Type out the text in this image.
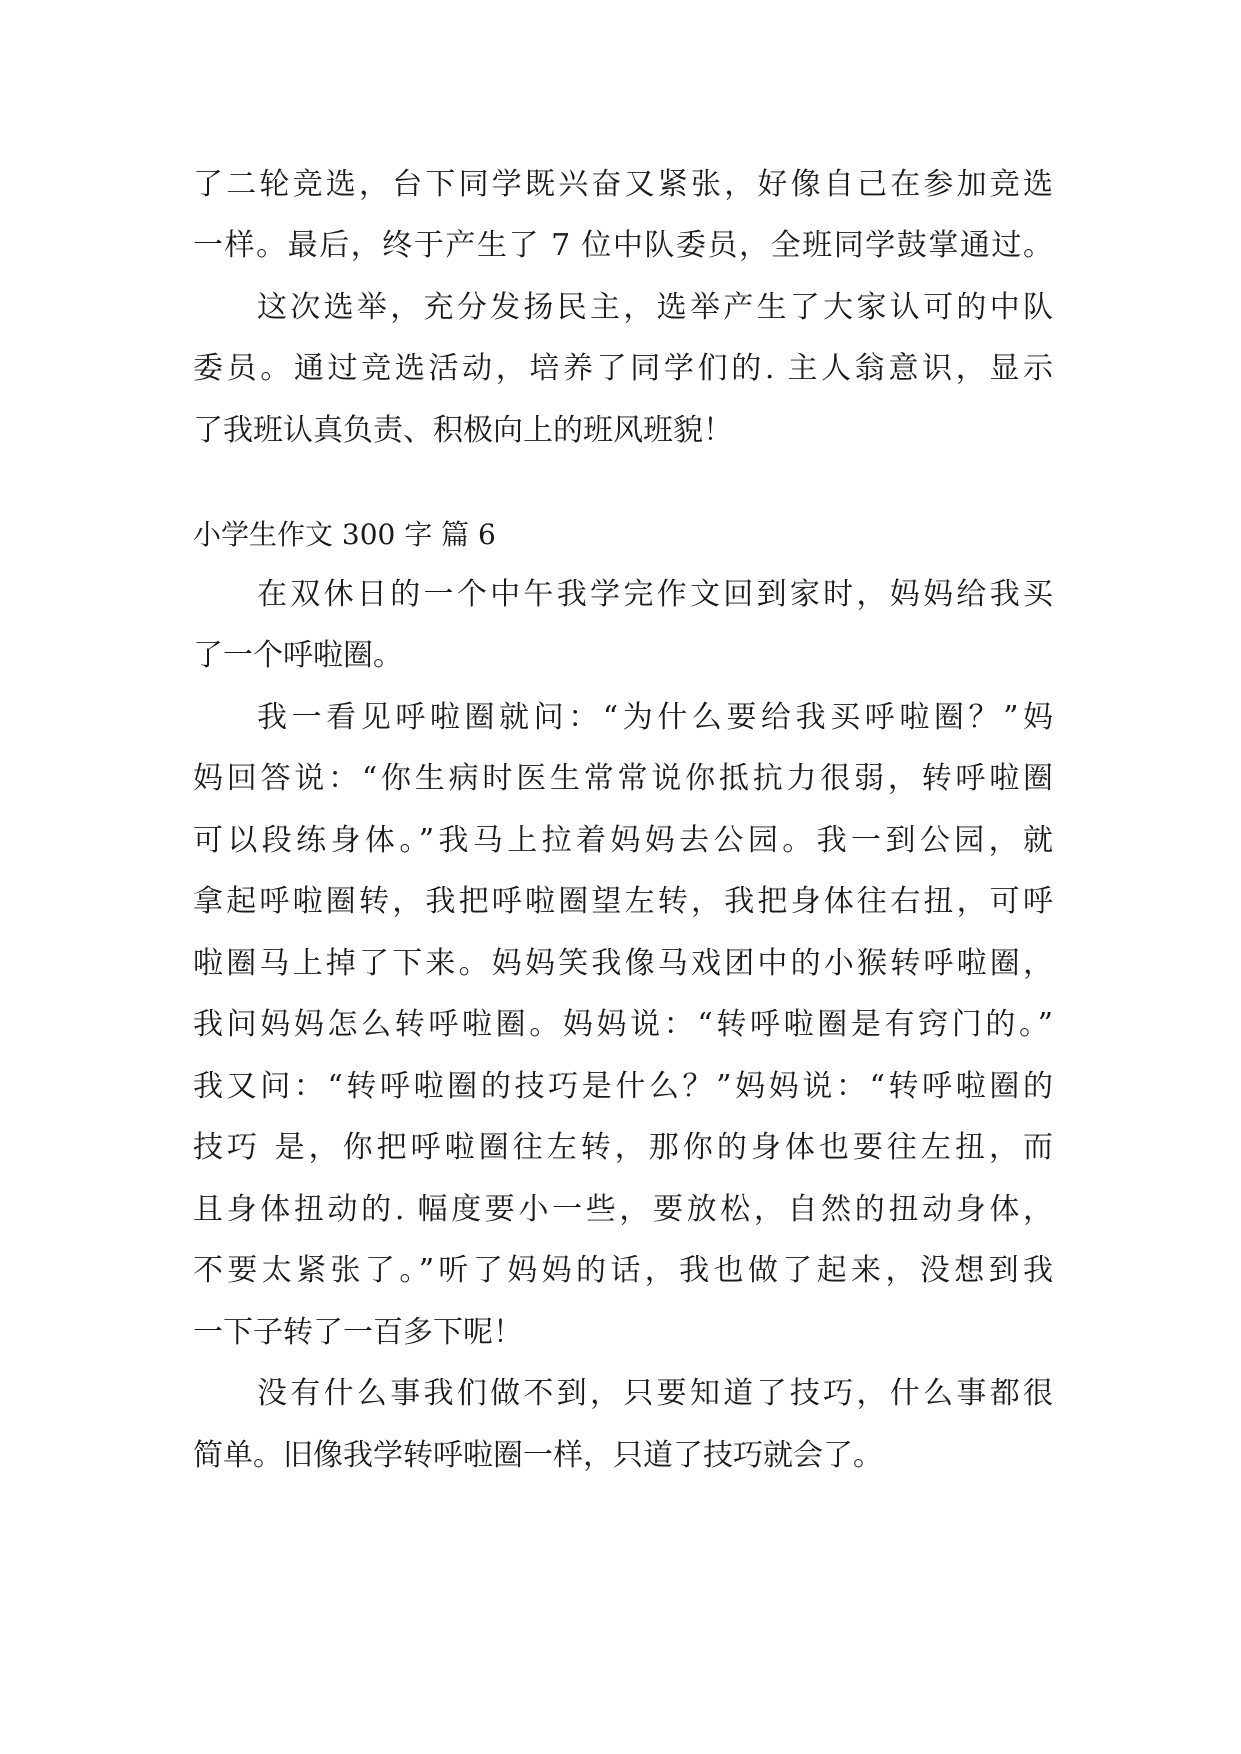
了二轮竞选，台下同学既兴奋又紧张，好像自己在参加竞选
一样。最后，终于产生了 7 位中队委员，全班同学鼓掌通过。
这次选举，充分发扬民主，选举产生了大家认可的中队
委员。通过竞选活动，培养了同学们的. 主人翁意识，显示
了我班认真负责、积极向上的班风班貌！
小学生作文 300 字 篇 6
在双休日的一个中午我学完作文回到家时，妈妈给我买
了一个呼啦圈。
我一看见呼啦圈就问：“为什么要给我买呼啦圈？”妈
妈回答说：“你生病时医生常常说你抵抗力很弱，转呼啦圈
可以段练身体。”我马上拉着妈妈去公园。我一到公园，就
拿起呼啦圈转，我把呼啦圈望左转，我把身体往右扭，可呼
啦圈马上掉了下来。妈妈笑我像马戏团中的小猴转呼啦圈，
我问妈妈怎么转呼啦圈。妈妈说：“转呼啦圈是有窍门的。”
我又问：“转呼啦圈的技巧是什么？”妈妈说：“转呼啦圈的
技巧 是，你把呼啦圈往左转，那你的身体也要往左扭，而
且身体扭动的. 幅度要小一些，要放松，自然的扭动身体，
不要太紧张了。”听了妈妈的话，我也做了起来，没想到我
一下子转了一百多下呢！
没有什么事我们做不到，只要知道了技巧，什么事都很
简单。旧像我学转呼啦圈一样，只道了技巧就会了。
